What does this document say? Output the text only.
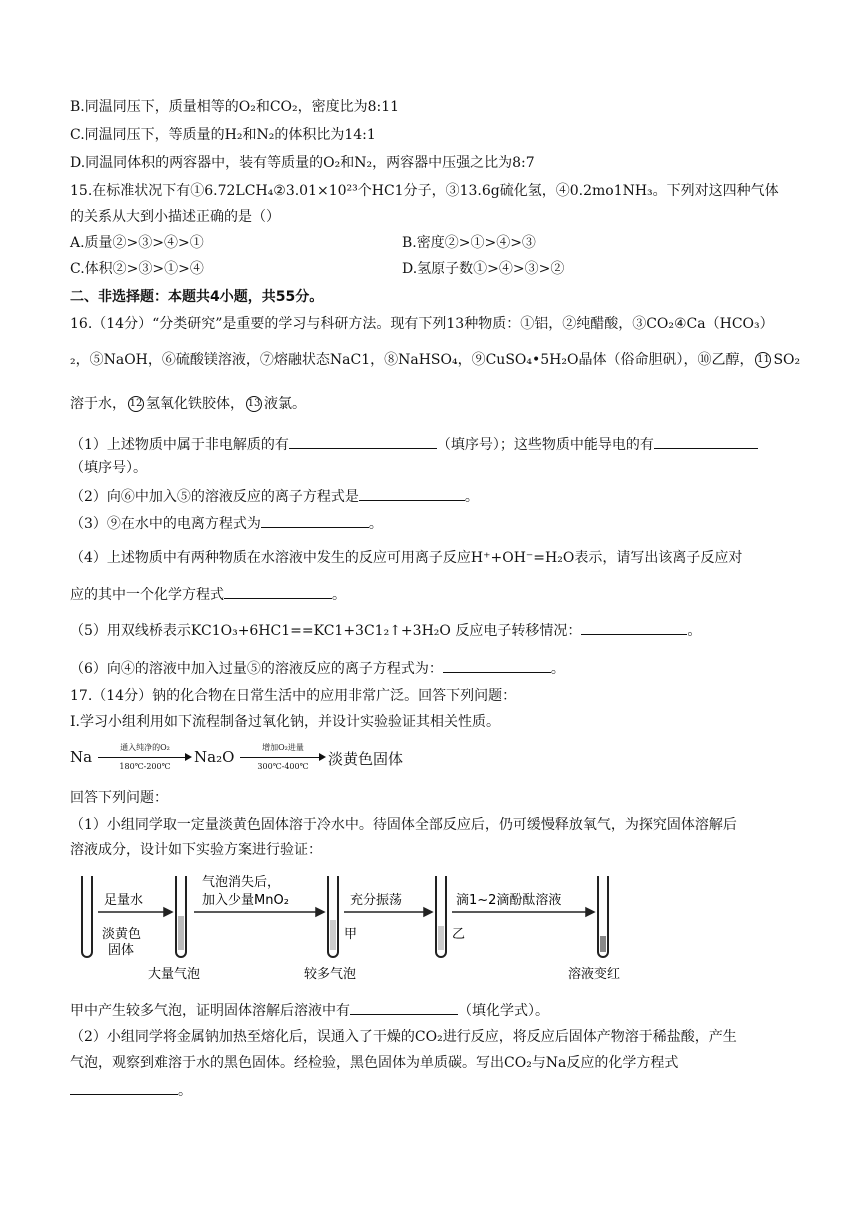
B.同温同压下，质量相等的O₂和CO₂，密度比为8:11
C.同温同压下，等质量的H₂和N₂的体积比为14:1
D.同温同体积的两容器中，装有等质量的O₂和N₂，两容器中压强之比为8:7
15.在标准状况下有①6.72LCH₄②3.01×10²³个HC1分子，③13.6g硫化氢，④0.2mo1NH₃。下列对这四种气体
的关系从大到小描述正确的是（）
A.质量②>③>④>①	B.密度②>①>④>③
C.体积②>③>①>④	D.氢原子数①>④>③>②
二、非选择题：本题共4小题，共55分。
16.（14分）“分类研究”是重要的学习与科研方法。现有下列13种物质：①铝，②纯醋酸，③CO₂④Ca（HCO₃）
₂，⑤NaOH，⑥硫酸镁溶液，⑦熔融状态NaC1，⑧NaHSO₄，⑨CuSO₄•5H₂O晶体（俗命胆矾），⑩乙醇， 11 SO₂
溶于水， 12 氢氧化铁胶体， 13 液氯。
（1）上述物质中属于非电解质的有	（填序号）；这些物质中能导电的有
（填序号）。
（2）向⑥中加入⑤的溶液反应的离子方程式是	。
（3）⑨在水中的电离方程式为	。
（4）上述物质中有两种物质在水溶液中发生的反应可用离子反应H⁺+OH⁻=H₂O表示，请写出该离子反应对
应的其中一个化学方程式	。
（5）用双线桥表示KC1O₃+6HC1==KC1+3C1₂↑+3H₂O 反应电子转移情况：	。
（6）向④的溶液中加入过量⑤的溶液反应的离子方程式为：	。
17.（14分）钠的化合物在日常生活中的应用非常广泛。回答下列问题：
I.学习小组利用如下流程制备过氧化钠，并设计实验验证其相关性质。
Na
通入纯净的O₂
180℃-200℃
Na₂O
增加O₂进量
300℃-400℃	淡黄色固体
回答下列问题：
（1）小组同学取一定量淡黄色固体溶于冷水中。待固体全部反应后，仍可缓慢释放氧气，为探究固体溶解后
溶液成分，设计如下实验方案进行验证：
足量水
气泡消失后，
加入少量MnO₂	充分振荡	滴1~2滴酚酞溶液
淡黄色
固体
大量气泡
甲
较多气泡
乙
溶液变红
甲中产生较多气泡，证明固体溶解后溶液中有	（填化学式）。
（2）小组同学将金属钠加热至熔化后，误通入了干燥的CO₂进行反应，将反应后固体产物溶于稀盐酸，产生
气泡，观察到难溶于水的黑色固体。经检验，黑色固体为单质碳。写出CO₂与Na反应的化学方程式
。
